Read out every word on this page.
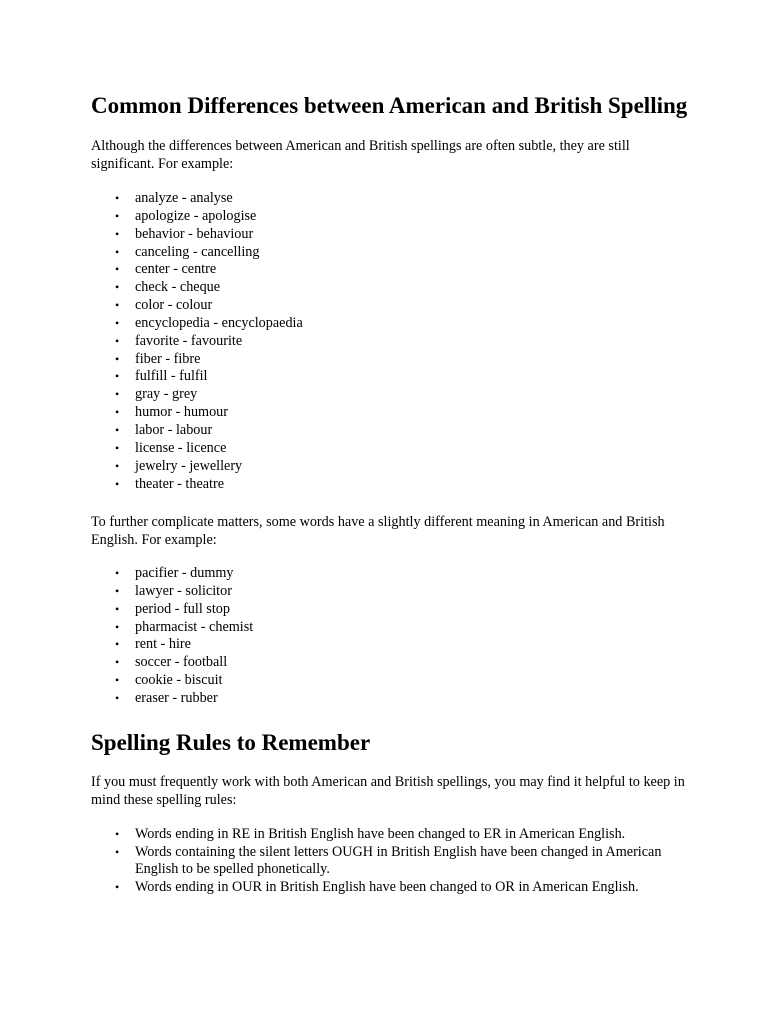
Common Differences between American and British Spelling

Although the differences between American and British spellings are often subtle, they are still significant. For example:

• analyze - analyse
• apologize - apologise
• behavior - behaviour
• canceling - cancelling
• center - centre
• check - cheque
• color - colour
• encyclopedia - encyclopaedia
• favorite - favourite
• fiber - fibre
• fulfill - fulfil
• gray - grey
• humor - humour
• labor - labour
• license - licence
• jewelry - jewellery
• theater - theatre

To further complicate matters, some words have a slightly different meaning in American and British English. For example:

• pacifier - dummy
• lawyer - solicitor
• period - full stop
• pharmacist - chemist
• rent - hire
• soccer - football
• cookie - biscuit
• eraser - rubber
Spelling Rules to Remember

If you must frequently work with both American and British spellings, you may find it helpful to keep in mind these spelling rules:

• Words ending in RE in British English have been changed to ER in American English.
• Words containing the silent letters OUGH in British English have been changed in American English to be spelled phonetically.
• Words ending in OUR in British English have been changed to OR in American English.
